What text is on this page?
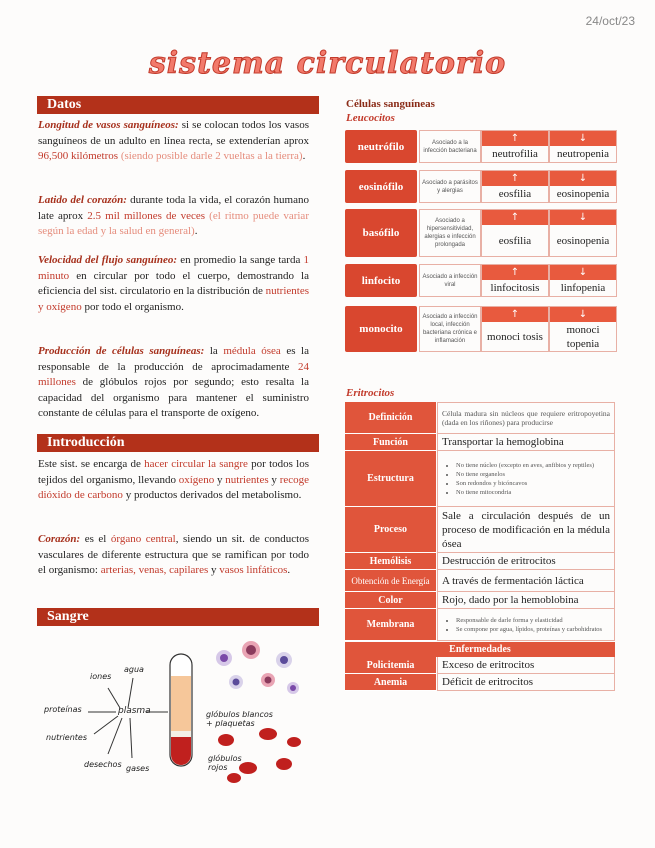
24/oct/23
sistema circulatorio
Datos
Longitud de vasos sanguíneos: si se colocan todos los vasos sanguíneos de un adulto en línea recta, se extenderían aprox 96,500 kilómetros (siendo posible darle 2 vueltas a la tierra).
Latido del corazón: durante toda la vida, el corazón humano late aprox 2.5 mil millones de veces (el ritmo puede variar según la edad y la salud en general).
Velocidad del flujo sanguíneo: en promedio la sange tarda 1 minuto en circular por todo el cuerpo, demostrando la eficiencia del sist. circulatorio en la distribución de nutrientes y oxígeno por todo el organismo.
Producción de células sanguíneas: la médula ósea es la responsable de la producción de aprocimadamente 24 millones de glóbulos rojos por segundo; esto resalta la capacidad del organismo para mantener el suministro constante de células para el transporte de oxígeno.
Introducción
Este sist. se encarga de hacer circular la sangre por todos los tejidos del organismo, llevando oxígeno y nutrientes y recoge dióxido de carbono y productos derivados del metabolismo.
Corazón: es el órgano central, siendo un sit. de conductos vasculares de diferente estructura que se ramifican por todo el organismo: arterias, venas, capilares y vasos linfáticos.
Sangre
agua
iones
proteínas	plasma
nutrientes
desechos gases
glóbulos blancos + plaquetas
glóbulos rojos
Células sanguíneas
Leucocitos
neutrófilo	Asociado a la infección bacteriana
↑
neutrofilia
↓
neutropenia
eosinófilo	Asociado a parásitos y alergias
↑
eosfilia
↓
eosinopenia
basófilo
Asociado a hipersensitividad, alergias e infección prolongada
↑
eosfilia
↓
eosinopenia
linfocito	Asociado a infección viral
↑
linfocitosis
↓
linfopenia
monocito
Asociado a infección local, infección bacteriana crónica e inflamación
↑
monoci tosis
↓
monoci topenia
Eritrocitos
Definición	Célula madura sin núcleos que requiere eritropoyetina (dada en los riñones) para producirse
Función	Transportar la hemoglobina
Estructura
• No tiene núcleo (excepto en aves, anfibios y reptiles)
• No tiene organelos
• Son redondos y bicóncavos
• No tiene mitocondria
Proceso
Sale a circulación después de un proceso de modificación en la médula ósea
Hemólisis	Destrucción de eritrocitos
Obtención de Energía	A través de fermentación láctica
Color	Rojo, dado por la hemoblobina
Membrana
•	Responsable de darle forma y elasticidad
• Se compone por agua, lípidos, proteínas y carbohidratos
Enfermedades
Policitemia	Exceso de eritrocitos
Anemia	Déficit de eritrocitos
